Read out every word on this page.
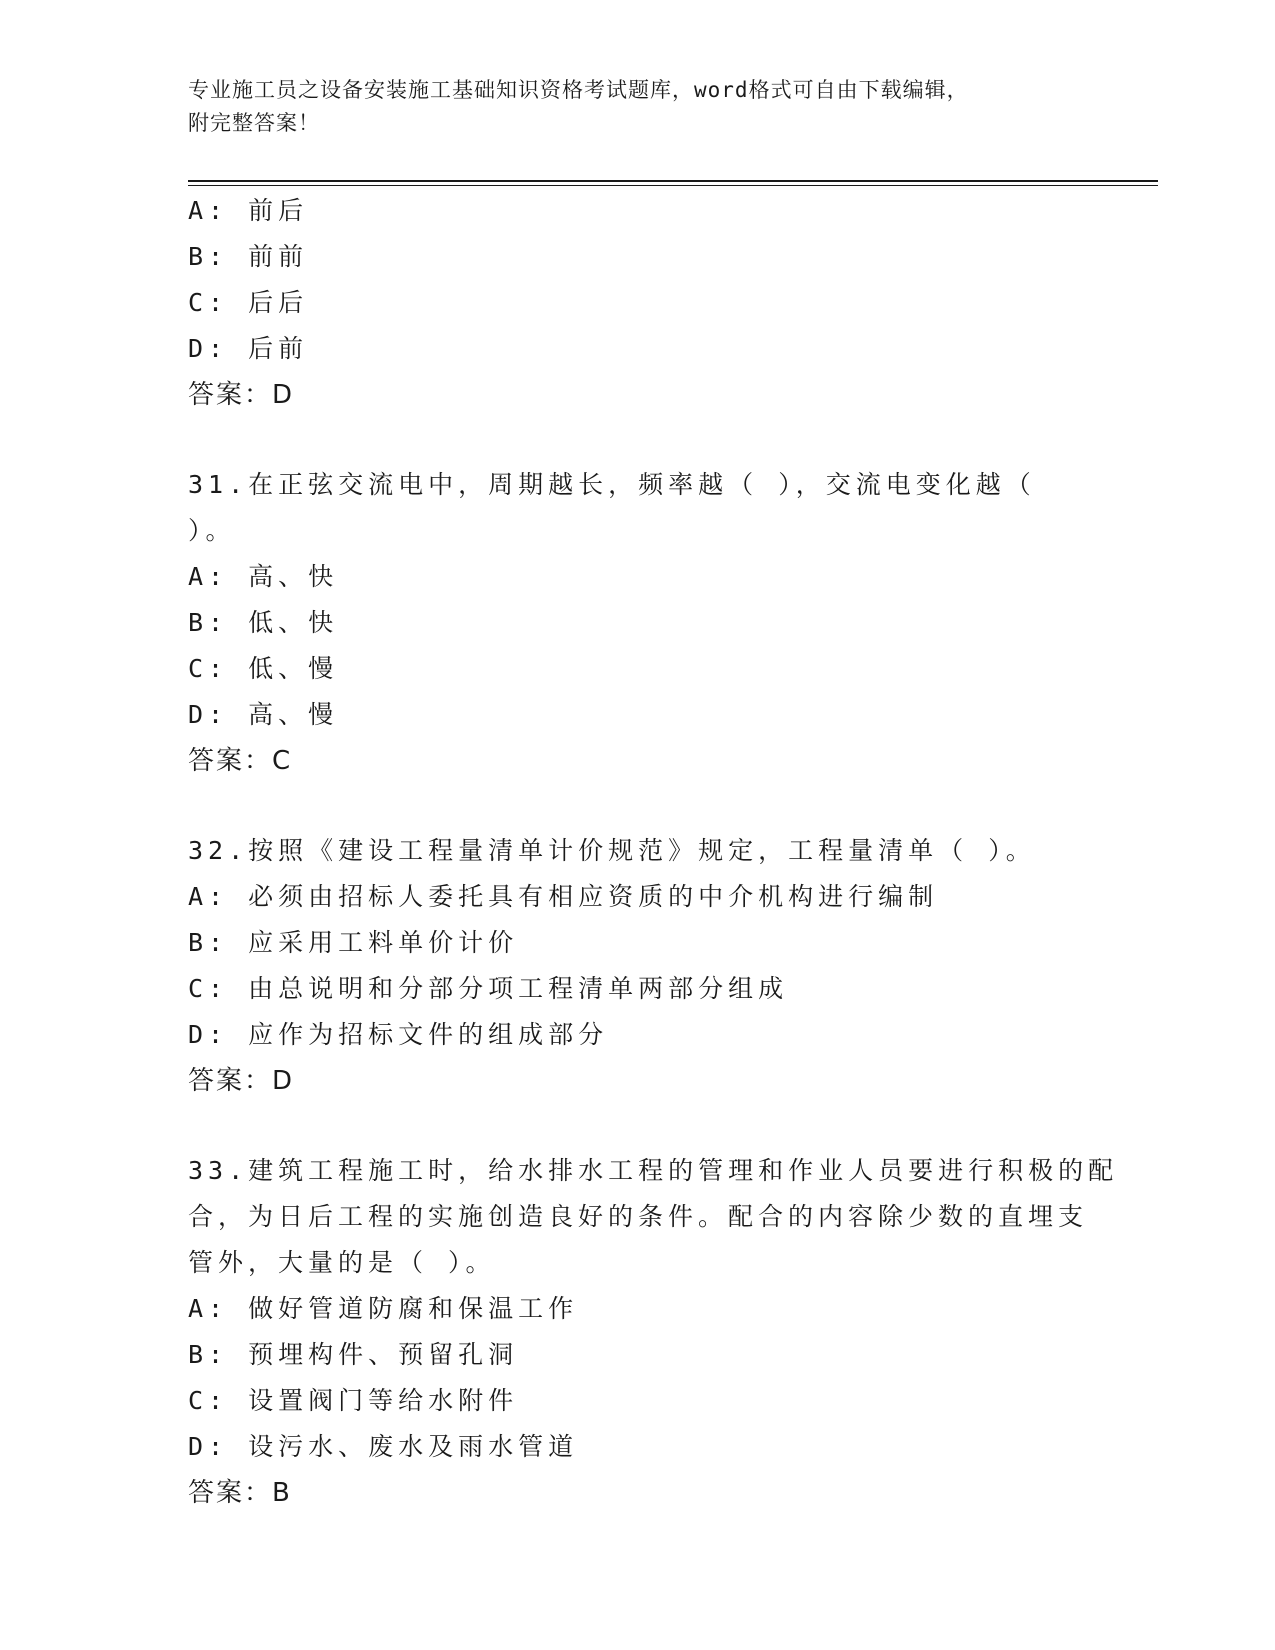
专业施工员之设备安装施工基础知识资格考试题库，word格式可自由下载编辑，
附完整答案！
A: 前后
B: 前前
C: 后后
D: 后前
答案：D
31.在正弦交流电中，周期越长，频率越（ ），交流电变化越（ ）。
A: 高、快
B: 低、快
C: 低、慢
D: 高、慢
答案：C
32.按照《建设工程量清单计价规范》规定，工程量清单（ ）。
A: 必须由招标人委托具有相应资质的中介机构进行编制
B: 应采用工料单价计价
C: 由总说明和分部分项工程清单两部分组成
D: 应作为招标文件的组成部分
答案：D
33.建筑工程施工时，给水排水工程的管理和作业人员要进行积极的配
合，为日后工程的实施创造良好的条件。配合的内容除少数的直埋支
管外，大量的是（ ）。
A: 做好管道防腐和保温工作
B: 预埋构件、预留孔洞
C: 设置阀门等给水附件
D: 设污水、废水及雨水管道
答案：B
